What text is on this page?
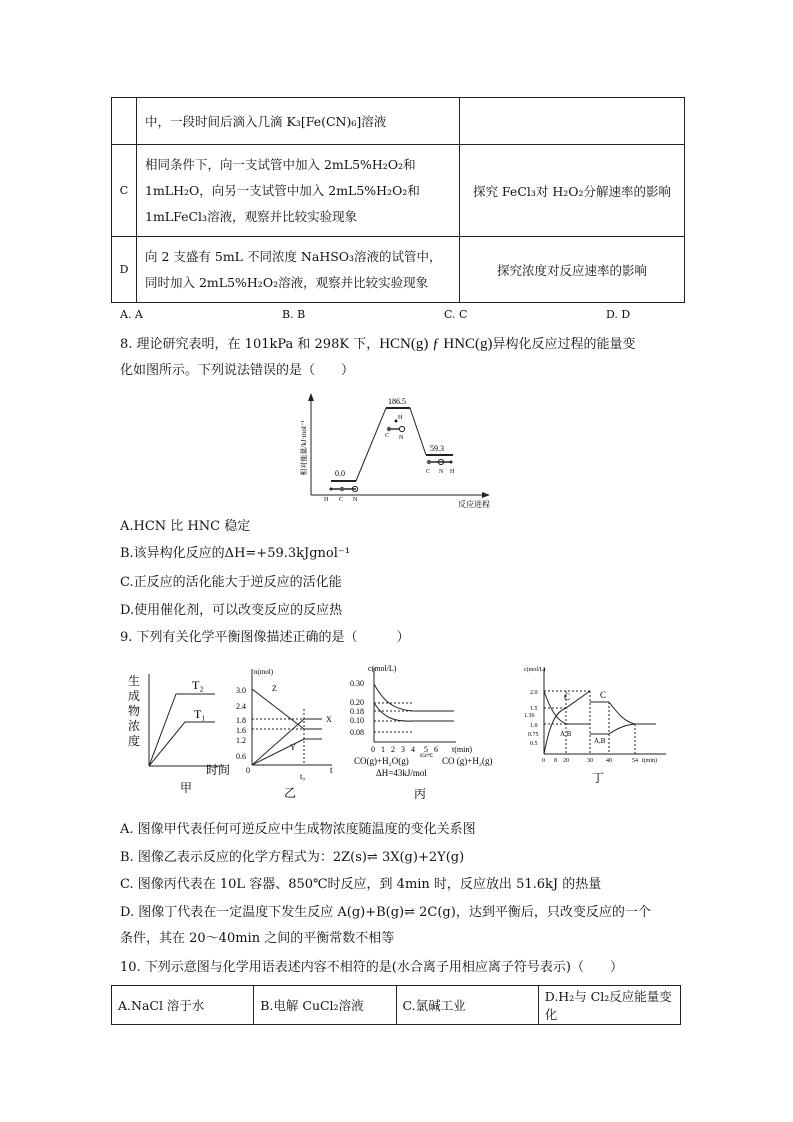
	中，一段时间后滴入几滴 K₃[Fe(CN)₆]溶液	
C	相同条件下，向一支试管中加入 2mL5%H₂O₂和
1mLH₂O，向另一支试管中加入 2mL5%H₂O₂和
1mLFeCl₃溶液，观察并比较实验现象	探究 FeCl₃对 H₂O₂分解速率的影响
D	向 2 支盛有 5mL 不同浓度 NaHSO₃溶液的试管中，
同时加入 2mL5%H₂O₂溶液，观察并比较实验现象	探究浓度对反应速率的影响
A. A	B. B	C. C	D. D
8. 理论研究表明，在 101kPa 和 298K 下，HCN(g) ƒ HNC(g)异构化反应过程的能量变
化如图所示。下列说法错误的是（　　）
相对能量/kJ·mol⁻¹
反应进程
0.0
186.5
59.3
H C N
C
H
N
C N H
A.HCN 比 HNC 稳定
B.该异构化反应的ΔH=+59.3kJgnol⁻¹
C.正反应的活化能大于逆反应的活化能
D.使用催化剂，可以改变反应的反应热
9. 下列有关化学平衡图像描述正确的是（　　　）
生
成
物
浓
度
T₂
T₁
时间
甲
n(mol)
3.0
2.4
1.8
1.6
1.2
0.6
Z
X
Y
0
t₀
t
乙
c(mol/L)
0.30
0.20
0.18
0.10
0.08
0 1 2 3 4 5 6 t(min)
CO(g)+H₂O(g) 850℃ CO (g)+H₂(g)
ΔH=43kJ/mol
丙
c(mol/L)
2.0
1.5
1.36
1.0
0.75
0.5
C
A,B
C
A,B
0 8 20	30 40	54 t(min)
丁
A. 图像甲代表任何可逆反应中生成物浓度随温度的变化关系图
B. 图像乙表示反应的化学方程式为：2Z(s)⇌ 3X(g)+2Y(g)
C. 图像丙代表在 10L 容器、850℃时反应，到 4min 时，反应放出 51.6kJ 的热量
D. 图像丁代表在一定温度下发生反应 A(g)+B(g)⇌ 2C(g)，达到平衡后，只改变反应的一个
条件，其在 20～40min 之间的平衡常数不相等
10. 下列示意图与化学用语表述内容不相符的是(水合离子用相应离子符号表示)（　　）
A.NaCl 溶于水	B.电解 CuCl₂溶液	C.氯碱工业	D.H₂与 Cl₂反应能量变化
